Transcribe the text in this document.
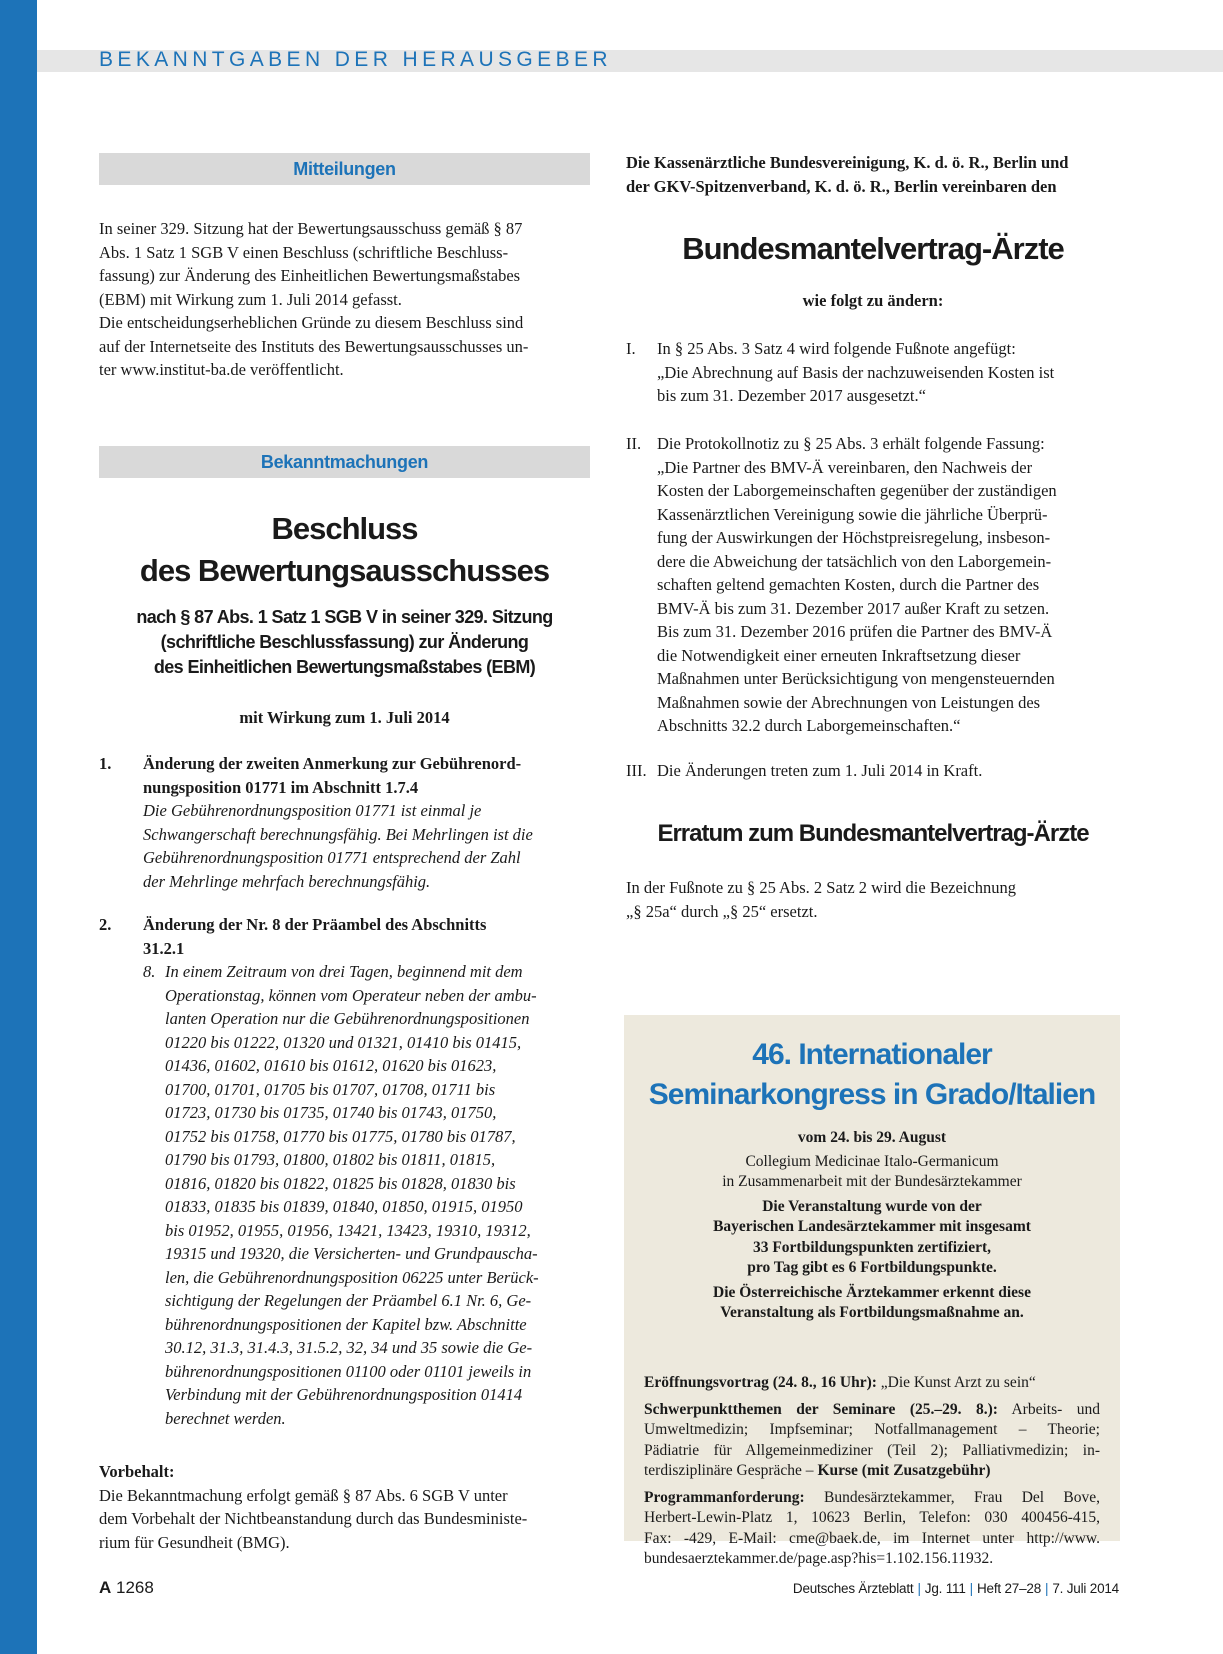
BEKANNTGABEN DER HERAUSGEBER
Mitteilungen
In seiner 329. Sitzung hat der Bewertungsausschuss gemäß § 87
Abs. 1 Satz 1 SGB V einen Beschluss (schriftliche Beschluss-
fassung) zur Änderung des Einheitlichen Bewertungsmaßstabes
(EBM) mit Wirkung zum 1. Juli 2014 gefasst.
Die entscheidungserheblichen Gründe zu diesem Beschluss sind
auf der Internetseite des Instituts des Bewertungsausschusses un-
ter www.institut-ba.de veröffentlicht.
Bekanntmachungen
Beschluss
des Bewertungsausschusses
nach § 87 Abs. 1 Satz 1 SGB V in seiner 329. Sitzung
(schriftliche Beschlussfassung) zur Änderung
des Einheitlichen Bewertungsmaßstabes (EBM)
mit Wirkung zum 1. Juli 2014
1. Änderung der zweiten Anmerkung zur Gebührenord-
nungsposition 01771 im Abschnitt 1.7.4
Die Gebührenordnungsposition 01771 ist einmal je
Schwangerschaft berechnungsfähig. Bei Mehrlingen ist die
Gebührenordnungsposition 01771 entsprechend der Zahl
der Mehrlinge mehrfach berechnungsfähig.
2. Änderung der Nr. 8 der Präambel des Abschnitts
31.2.1
8. In einem Zeitraum von drei Tagen, beginnend mit dem
Operationstag, können vom Operateur neben der ambu-
lanten Operation nur die Gebührenordnungspositionen
01220 bis 01222, 01320 und 01321, 01410 bis 01415,
01436, 01602, 01610 bis 01612, 01620 bis 01623,
01700, 01701, 01705 bis 01707, 01708, 01711 bis
01723, 01730 bis 01735, 01740 bis 01743, 01750,
01752 bis 01758, 01770 bis 01775, 01780 bis 01787,
01790 bis 01793, 01800, 01802 bis 01811, 01815,
01816, 01820 bis 01822, 01825 bis 01828, 01830 bis
01833, 01835 bis 01839, 01840, 01850, 01915, 01950
bis 01952, 01955, 01956, 13421, 13423, 19310, 19312,
19315 und 19320, die Versicherten- und Grundpauscha-
len, die Gebührenordnungsposition 06225 unter Berück-
sichtigung der Regelungen der Präambel 6.1 Nr. 6, Ge-
bührenordnungspositionen der Kapitel bzw. Abschnitte
30.12, 31.3, 31.4.3, 31.5.2, 32, 34 und 35 sowie die Ge-
bührenordnungspositionen 01100 oder 01101 jeweils in
Verbindung mit der Gebührenordnungsposition 01414
berechnet werden.
Vorbehalt:
Die Bekanntmachung erfolgt gemäß § 87 Abs. 6 SGB V unter
dem Vorbehalt der Nichtbeanstandung durch das Bundesministe-
rium für Gesundheit (BMG).
Die Kassenärztliche Bundesvereinigung, K. d. ö. R., Berlin und
der GKV-Spitzenverband, K. d. ö. R., Berlin vereinbaren den
Bundesmantelvertrag-Ärzte
wie folgt zu ändern:
I. In § 25 Abs. 3 Satz 4 wird folgende Fußnote angefügt:
„Die Abrechnung auf Basis der nachzuweisenden Kosten ist
bis zum 31. Dezember 2017 ausgesetzt.“
II. Die Protokollnotiz zu § 25 Abs. 3 erhält folgende Fassung:
„Die Partner des BMV-Ä vereinbaren, den Nachweis der
Kosten der Laborgemeinschaften gegenüber der zuständigen
Kassenärztlichen Vereinigung sowie die jährliche Überprü-
fung der Auswirkungen der Höchstpreisregelung, insbeson-
dere die Abweichung der tatsächlich von den Laborgemein-
schaften geltend gemachten Kosten, durch die Partner des
BMV-Ä bis zum 31. Dezember 2017 außer Kraft zu setzen.
Bis zum 31. Dezember 2016 prüfen die Partner des BMV-Ä
die Notwendigkeit einer erneuten Inkraftsetzung dieser
Maßnahmen unter Berücksichtigung von mengensteuernden
Maßnahmen sowie der Abrechnungen von Leistungen des
Abschnitts 32.2 durch Laborgemeinschaften.“
III. Die Änderungen treten zum 1. Juli 2014 in Kraft.
Erratum zum Bundesmantelvertrag-Ärzte
In der Fußnote zu § 25 Abs. 2 Satz 2 wird die Bezeichnung
„§ 25a“ durch „§ 25“ ersetzt.
46. Internationaler
Seminarkongress in Grado/Italien
vom 24. bis 29. August
Collegium Medicinae Italo-Germanicum
in Zusammenarbeit mit der Bundesärztekammer
Die Veranstaltung wurde von der
Bayerischen Landesärztekammer mit insgesamt
33 Fortbildungspunkten zertifiziert,
pro Tag gibt es 6 Fortbildungspunkte.
Die Österreichische Ärztekammer erkennt diese
Veranstaltung als Fortbildungsmaßnahme an.
Eröffnungsvortrag (24. 8., 16 Uhr): „Die Kunst Arzt zu sein“
Schwerpunktthemen der Seminare (25.–29. 8.): Arbeits- und
Umweltmedizin; Impfseminar; Notfallmanagement – Theorie;
Pädiatrie für Allgemeinmediziner (Teil 2); Palliativmedizin; in-
terdisziplinäre Gespräche – Kurse (mit Zusatzgebühr)
Programmanforderung: Bundesärztekammer, Frau Del Bove,
Herbert-Lewin-Platz 1, 10623 Berlin, Telefon: 030 400456-415,
Fax: -429, E-Mail: cme@baek.de, im Internet unter http://www.
bundesaerztekammer.de/page.asp?his=1.102.156.11932.
A 1268	Deutsches Ärzteblatt | Jg. 111 | Heft 27–28 | 7. Juli 2014
